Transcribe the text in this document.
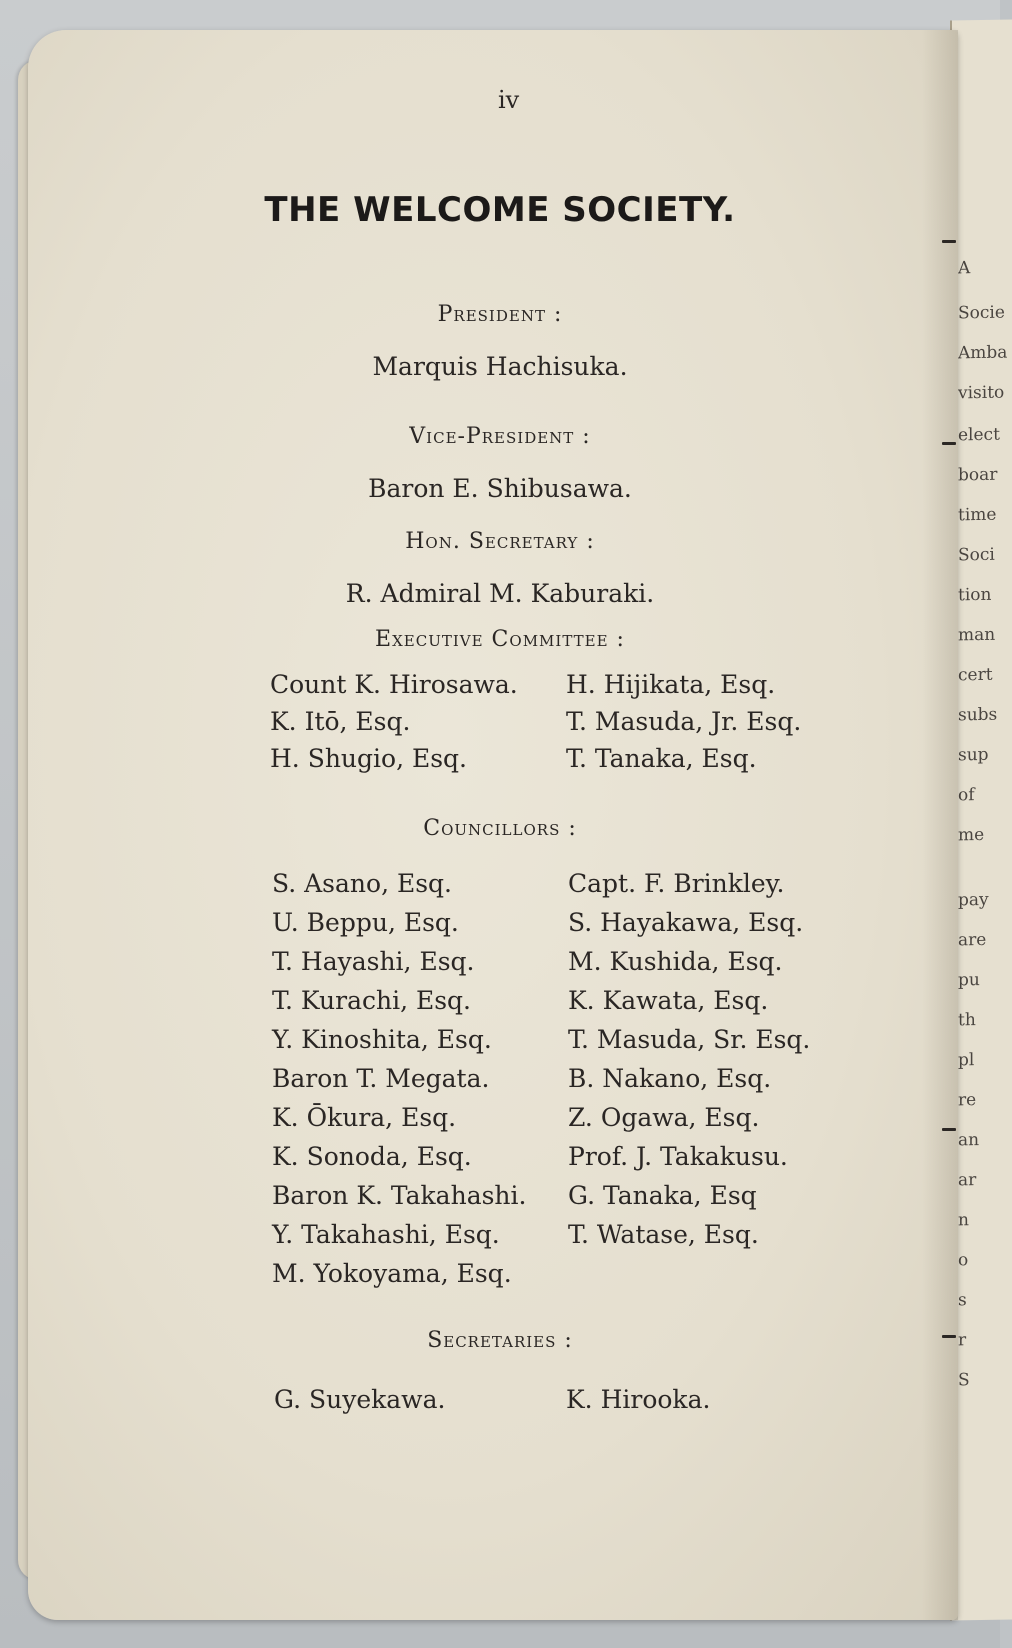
A
Socie
Amba
visito
elect
boar
time
Soci
tion
man
cert
subs
sup
of
me
pay
are
pu
th
pl
re
an
ar
n
o
s
r
S
iv
THE WELCOME SOCIETY.
President :
Marquis Hachisuka.
Vice-President :
Baron E. Shibusawa.
Hon. Secretary :
R. Admiral M. Kaburaki.
Executive Committee :
Count K. Hirosawa.	H. Hijikata, Esq.
K. Itō, Esq.	T. Masuda, Jr. Esq.
H. Shugio, Esq.	T. Tanaka, Esq.
Councillors :
S. Asano, Esq.	Capt. F. Brinkley.
U. Beppu, Esq.	S. Hayakawa, Esq.
T. Hayashi, Esq.	M. Kushida, Esq.
T. Kurachi, Esq.	K. Kawata, Esq.
Y. Kinoshita, Esq.	T. Masuda, Sr. Esq.
Baron T. Megata.	B. Nakano, Esq.
K. Ōkura, Esq.	Z. Ogawa, Esq.
K. Sonoda, Esq.	Prof. J. Takakusu.
Baron K. Takahashi.	G. Tanaka, Esq
Y. Takahashi, Esq.	T. Watase, Esq.
M. Yokoyama, Esq.
Secretaries :
G. Suyekawa.	K. Hirooka.
